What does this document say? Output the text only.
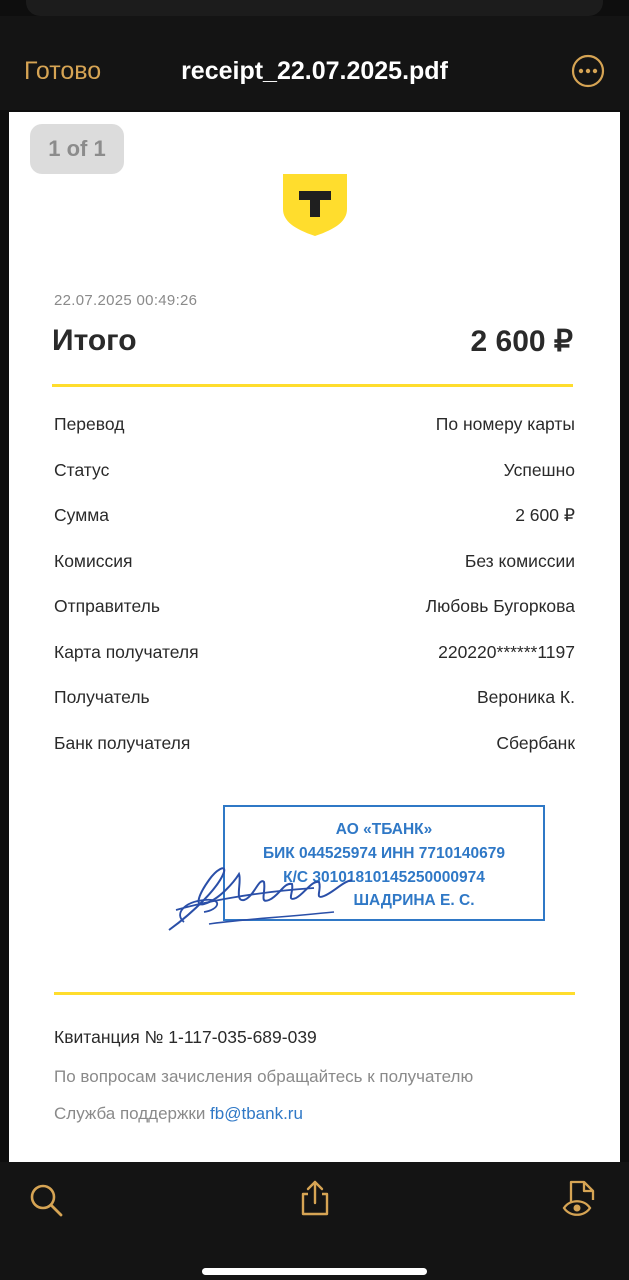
Готово	receipt_22.07.2025.pdf
1 of 1
22.07.2025 00:49:26
Итого	2 600 ₽
Перевод	По номеру карты
Статус	Успешно
Сумма	2 600 ₽
Комиссия	Без комиссии
Отправитель	Любовь Бугоркова
Карта получателя	220220******1197
Получатель	Вероника К.
Банк получателя	Сбербанк
АО «ТБАНК»
БИК 044525974 ИНН 7710140679
К/С 30101810145250000974
ШАДРИНА Е. С.
Квитанция № 1-117-035-689-039
По вопросам зачисления обращайтесь к получателю
Служба поддержки fb@tbank.ru
